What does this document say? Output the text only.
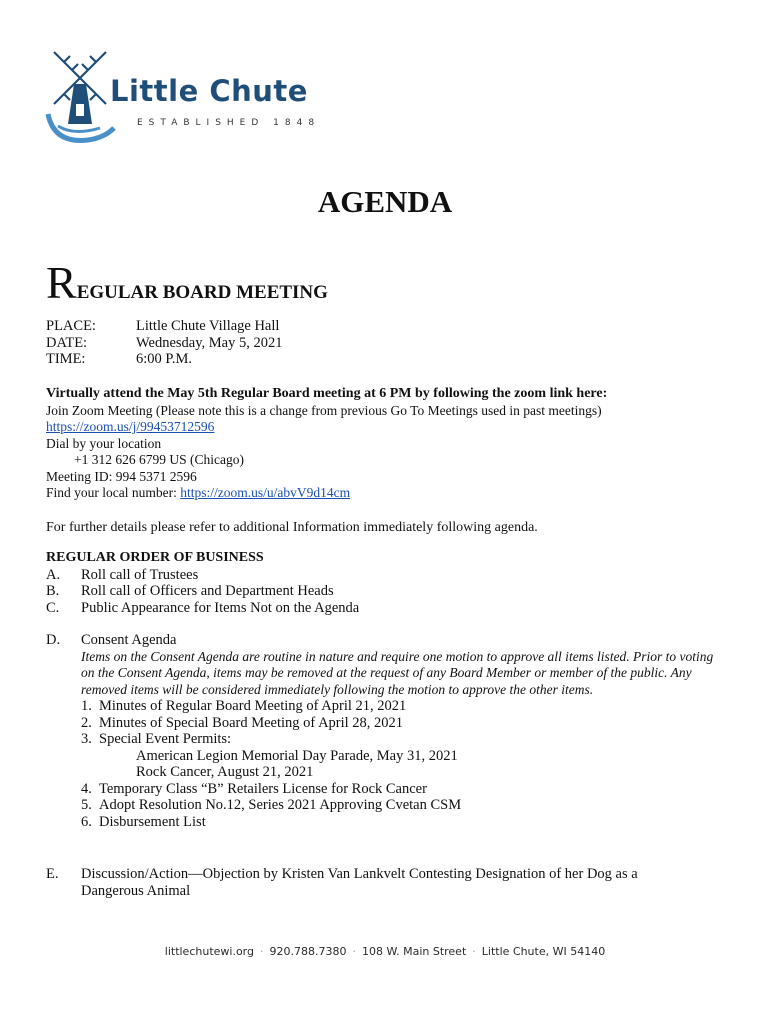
Little Chute
ESTABLISHED 1848
AGENDA
REGULAR BOARD MEETING
PLACE:	Little Chute Village Hall
DATE:	Wednesday, May 5, 2021
TIME:	6:00 P.M.
Virtually attend the May 5th Regular Board meeting at 6 PM by following the zoom link here:
Join Zoom Meeting (Please note this is a change from previous Go To Meetings used in past meetings)
https://zoom.us/j/99453712596
Dial by your location
+1 312 626 6799 US (Chicago)
Meeting ID: 994 5371 2596
Find your local number: https://zoom.us/u/abvV9d14cm
For further details please refer to additional Information immediately following agenda.
REGULAR ORDER OF BUSINESS
A.	Roll call of Trustees
B.	Roll call of Officers and Department Heads
C.	Public Appearance for Items Not on the Agenda
D.	Consent Agenda
Items on the Consent Agenda are routine in nature and require one motion to approve all items listed. Prior to voting on the Consent Agenda, items may be removed at the request of any Board Member or member of the public. Any removed items will be considered immediately following the motion to approve the other items.
1. Minutes of Regular Board Meeting of April 21, 2021
2. Minutes of Special Board Meeting of April 28, 2021
3. Special Event Permits:
American Legion Memorial Day Parade, May 31, 2021
Rock Cancer, August 21, 2021
4. Temporary Class “B” Retailers License for Rock Cancer
5. Adopt Resolution No.12, Series 2021 Approving Cvetan CSM
6. Disbursement List
E.	Discussion/Action—Objection by Kristen Van Lankvelt Contesting Designation of her Dog as a
Dangerous Animal
littlechutewi.org · 920.788.7380 · 108 W. Main Street · Little Chute, WI 54140
